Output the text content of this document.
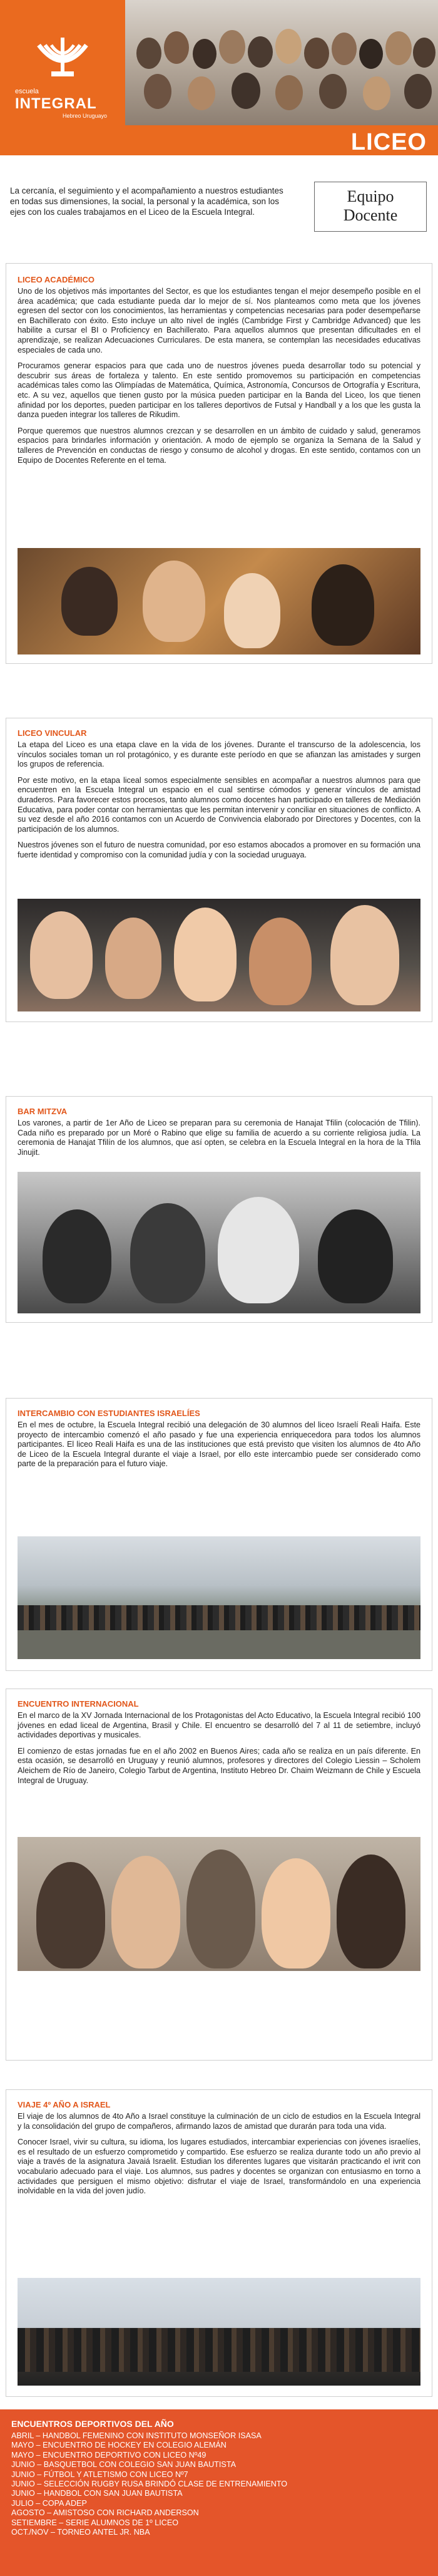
escuela
INTEGRAL
Hebreo Uruguayo
LICEO
La cercanía, el seguimiento y el acompañamiento a nuestros estudiantes en todas sus dimensiones, la social, la personal y la académica, son los ejes con los cuales trabajamos en el Liceo de la Escuela Integral.
Equipo
Docente
LICEO ACADÉMICO

Uno de los objetivos más importantes del Sector, es que los estudiantes tengan el mejor desempeño posible en el área académica; que cada estudiante pueda dar lo mejor de sí. Nos planteamos como meta que los jóvenes egresen del sector con los conocimientos, las herramientas y competencias necesarias para poder desempeñarse en Bachillerato con éxito. Esto incluye un alto nivel de inglés (Cambridge First y Cambridge Advanced) que les habilite a cursar el BI o Proficiency en Bachillerato. Para aquellos alumnos que presentan dificultades en el aprendizaje, se realizan Adecuaciones Curriculares. De esta manera, se contemplan las necesidades educativas especiales de cada uno.

Procuramos generar espacios para que cada uno de nuestros jóvenes pueda desarrollar todo su potencial y descubrir sus áreas de fortaleza y talento. En este sentido promovemos su participación en competencias académicas tales como las Olimpíadas de Matemática, Química, Astronomía, Concursos de Ortografía y Escritura, etc. A su vez, aquellos que tienen gusto por la música pueden participar en la Banda del Liceo, los que tienen afinidad por los deportes, pueden participar en los talleres deportivos de Futsal y Handball y a los que les gusta la danza pueden integrar los talleres de Rikudim.

Porque queremos que nuestros alumnos crezcan y se desarrollen en un ámbito de cuidado y salud, generamos espacios para brindarles información y orientación. A modo de ejemplo se organiza la Semana de la Salud y talleres de Prevención en conductas de riesgo y consumo de alcohol y drogas. En este sentido, contamos con un Equipo de Docentes Referente en el tema.

LICEO VINCULAR

La etapa del Liceo es una etapa clave en la vida de los jóvenes. Durante el transcurso de la adolescencia, los vínculos sociales toman un rol protagónico, y es durante este período en que se afianzan las amistades y surgen los grupos de referencia.

Por este motivo, en la etapa liceal somos especialmente sensibles en acompañar a nuestros alumnos para que encuentren en la Escuela Integral un espacio en el cual sentirse cómodos y generar vínculos de amistad duraderos. Para favorecer estos procesos, tanto alumnos como docentes han participado en talleres de Mediación Educativa, para poder contar con herramientas que les permitan intervenir y conciliar en situaciones de conflicto. A su vez desde el año 2016 contamos con un Acuerdo de Convivencia elaborado por Directores y Docentes, con la participación de los alumnos.

Nuestros jóvenes son el futuro de nuestra comunidad, por eso estamos abocados a promover en su formación una fuerte identidad y compromiso con la comunidad judía y con la sociedad uruguaya.

BAR MITZVA

Los varones, a partir de 1er Año de Liceo se preparan para su ceremonia de Hanajat Tfilin (colocación de Tfilin). Cada niño es preparado por un Moré o Rabino que elige su familia de acuerdo a su corriente religiosa judía. La ceremonia de Hanajat Tfilín de los alumnos, que así opten, se celebra en la Escuela Integral en la hora de la Tfila Jinujit.

INTERCAMBIO CON ESTUDIANTES ISRAELÍES

En el mes de octubre, la Escuela Integral recibió una delegación de 30 alumnos del liceo Israelí Reali Haifa. Este proyecto de intercambio comenzó el año pasado y fue una experiencia enriquecedora para todos los alumnos participantes. El liceo Reali Haifa es una de las instituciones que está previsto que visiten los alumnos de 4to Año de Liceo de la Escuela Integral durante el viaje a Israel, por ello este intercambio puede ser considerado como parte de la preparación para el futuro viaje.

ENCUENTRO INTERNACIONAL

En el marco de la XV Jornada Internacional de los Protagonistas del Acto Educativo, la Escuela Integral recibió 100 jóvenes en edad liceal de Argentina, Brasil y Chile. El encuentro se desarrolló del 7 al 11 de setiembre, incluyó actividades deportivas y musicales.

El comienzo de estas jornadas fue en el año 2002 en Buenos Aires; cada año se realiza en un país diferente. En esta ocasión, se desarrolló en Uruguay y reunió alumnos, profesores y directores del Colegio Liessin – Scholem Aleichem de Río de Janeiro, Colegio Tarbut de Argentina, Instituto Hebreo Dr. Chaim Weizmann de Chile y Escuela Integral de Uruguay.

VIAJE 4º AÑO A ISRAEL

El viaje de los alumnos de 4to Año a Israel constituye la culminación de un ciclo de estudios en la Escuela Integral y la consolidación del grupo de compañeros, afirmando lazos de amistad que durarán para toda una vida.

Conocer Israel, vivir su cultura, su idioma, los lugares estudiados, intercambiar experiencias con jóvenes israelíes, es el resultado de un esfuerzo comprometido y compartido. Ese esfuerzo se realiza durante todo un año previo al viaje a través de la asignatura Javaiá Israelit. Estudian los diferentes lugares que visitarán practicando el ivrit con vocabulario adecuado para el viaje. Los alumnos, sus padres y docentes se organizan con entusiasmo en torno a actividades que persiguen el mismo objetivo: disfrutar el viaje de Israel, transformándolo en una experiencia inolvidable en la vida del joven judío.

ENCUENTROS DEPORTIVOS DEL AÑO
ABRIL – HANDBOL FEMENINO CON INSTITUTO MONSEÑOR ISASA
MAYO – ENCUENTRO DE HOCKEY EN COLEGIO ALEMÁN
MAYO – ENCUENTRO DEPORTIVO CON LICEO Nº49
JUNIO – BASQUETBOL CON COLEGIO SAN JUAN BAUTISTA
JUNIO – FÚTBOL Y ATLETISMO CON LICEO Nº7
JUNIO – SELECCIÓN RUGBY RUSA BRINDÓ CLASE DE ENTRENAMIENTO
JUNIO – HANDBOL CON SAN JUAN BAUTISTA
JULIO – COPA ADEP
AGOSTO – AMISTOSO CON RICHARD ANDERSON
SETIEMBRE – SERIE ALUMNOS DE 1º LICEO
OCT./NOV – TORNEO ANTEL JR. NBA
